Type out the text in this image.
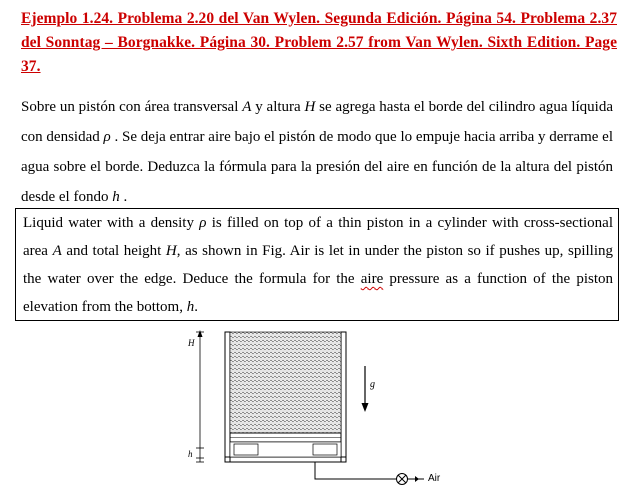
Ejemplo 1.24. Problema 2.20 del Van Wylen. Segunda Edición. Página 54. Problema 2.37 del Sonntag – Borgnakke. Página 30. Problem 2.57 from Van Wylen. Sixth Edition. Page 37.
Sobre un pistón con área transversal A y altura H se agrega hasta el borde del cilindro agua líquida con densidad ρ . Se deja entrar aire bajo el pistón de modo que lo empuje hacia arriba y derrame el agua sobre el borde. Deduzca la fórmula para la presión del aire en función de la altura del pistón desde el fondo h .
Liquid water with a density ρ is filled on top of a thin piston in a cylinder with cross-sectional area A and total height H, as shown in Fig. Air is let in under the piston so if pushes up, spilling the water over the edge. Deduce the formula for the aire pressure as a function of the piston elevation from the bottom, h.
H
h
g
Air
